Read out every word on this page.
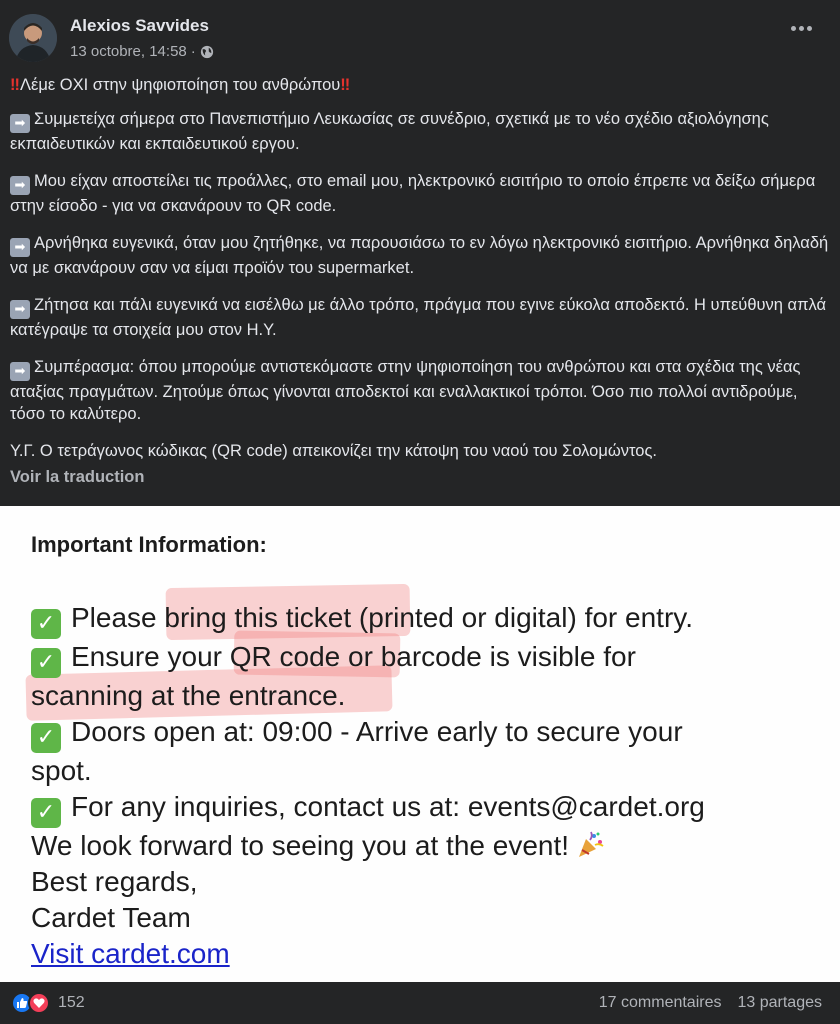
Alexios Savvides
13 octobre, 14:58 ·
‼Λέμε ΟΧΙ στην ψηφιοποίηση του ανθρώπου‼
➡ Συμμετείχα σήμερα στο Πανεπιστήμιο Λευκωσίας σε συνέδριο, σχετικά με το νέο σχέδιο αξιολόγησης εκπαιδευτικών και εκπαιδευτικού εργου.
➡ Μου είχαν αποστείλει τις προάλλες, στο email μου, ηλεκτρονικό εισιτήριο το οποίο έπρεπε να δείξω σήμερα στην είσοδο - για να σκανάρουν το QR code.
➡ Αρνήθηκα ευγενικά, όταν μου ζητήθηκε, να παρουσιάσω το εν λόγω ηλεκτρονικό εισιτήριο. Αρνήθηκα δηλαδή να με σκανάρουν σαν να είμαι προϊόν του supermarket.
➡ Ζήτησα και πάλι ευγενικά να εισέλθω με άλλο τρόπο, πράγμα που εγινε εύκολα αποδεκτό. Η υπεύθυνη απλά κατέγραψε τα στοιχεία μου στον Η.Υ.
➡ Συμπέρασμα: όπου μπορούμε αντιστεκόμαστε στην ψηφιοποίηση του ανθρώπου και στα σχέδια της νέας αταξίας πραγμάτων. Ζητούμε όπως γίνονται αποδεκτοί και εναλλακτικοί τρόποι. Όσο πιο πολλοί αντιδρούμε, τόσο το καλύτερο.
Υ.Γ. Ο τετράγωνος κώδικας (QR code) απεικονίζει την κάτοψη του ναού του Σολομώντος.
Voir la traduction
Important Information:
✓ Please bring this ticket (printed or digital) for entry.
✓ Ensure your QR code or barcode is visible for
scanning at the entrance.
✓ Doors open at: 09:00 - Arrive early to secure your
spot.
✓ For any inquiries, contact us at: events@cardet.org
We look forward to seeing you at the event!
Best regards,
Cardet Team
Visit cardet.com
152	17 commentaires 13 partages
